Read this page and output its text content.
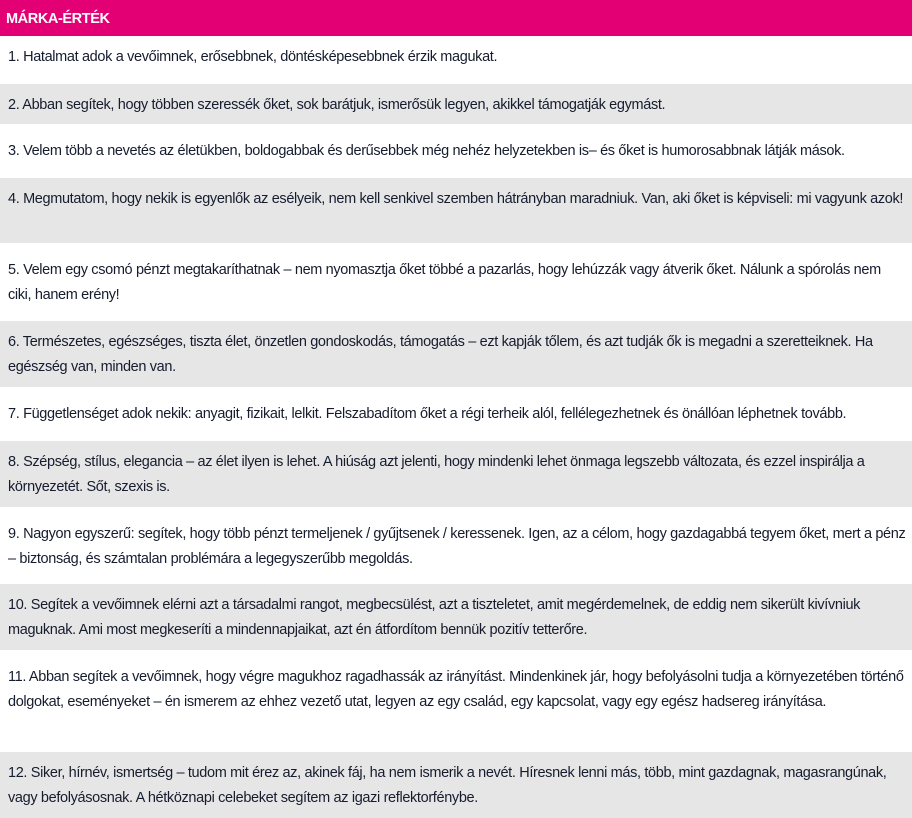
MÁRKA-ÉRTÉK
1. Hatalmat adok a vevőimnek, erősebbnek, döntésképesebbnek érzik magukat.
2. Abban segítek, hogy többen szeressék őket, sok barátjuk, ismerősük legyen, akikkel támogatják egymást.
3. Velem több a nevetés az életükben, boldogabbak és derűsebbek még nehéz helyzetekben is– és őket is humorosabbnak látják mások.
4. Megmutatom, hogy nekik is egyenlők az esélyeik, nem kell senkivel szemben hátrányban maradniuk. Van, aki őket is képviseli: mi vagyunk azok!
5. Velem egy csomó pénzt megtakaríthatnak – nem nyomasztja őket többé a pazarlás, hogy lehúzzák vagy átverik őket. Nálunk a spórolás nem ciki, hanem erény!
6. Természetes, egészséges, tiszta élet, önzetlen gondoskodás, támogatás – ezt kapják tőlem, és azt tudják ők is megadni a szeretteiknek. Ha egészség van, minden van.
7. Függetlenséget adok nekik: anyagit, fizikait, lelkit. Felszabadítom őket a régi terheik alól, fellélegezhetnek és önállóan léphetnek tovább.
8. Szépség, stílus, elegancia – az élet ilyen is lehet. A hiúság azt jelenti, hogy mindenki lehet önmaga legszebb változata, és ezzel inspirálja a környezetét. Sőt, szexis is.
9. Nagyon egyszerű: segítek, hogy több pénzt termeljenek / gyűjtsenek / keressenek. Igen, az a célom, hogy gazdagabbá tegyem őket, mert a pénz – biztonság, és számtalan problémára a legegyszerűbb megoldás.
10. Segítek a vevőimnek elérni azt a társadalmi rangot, megbecsülést, azt a tiszteletet, amit megérdemelnek, de eddig nem sikerült kivívniuk maguknak. Ami most megkeseríti a mindennapjaikat, azt én átfordítom bennük pozitív tetterőre.
11. Abban segítek a vevőimnek, hogy végre magukhoz ragadhassák az irányítást. Mindenkinek jár, hogy befolyásolni tudja a környezetében történő dolgokat, eseményeket – én ismerem az ehhez vezető utat, legyen az egy család, egy kapcsolat, vagy egy egész hadsereg irányítása.
12. Siker, hírnév, ismertség – tudom mit érez az, akinek fáj, ha nem ismerik a nevét. Híresnek lenni más, több, mint gazdagnak, magasrangúnak, vagy befolyásosnak. A hétköznapi celebeket segítem az igazi reflektorfénybe.
